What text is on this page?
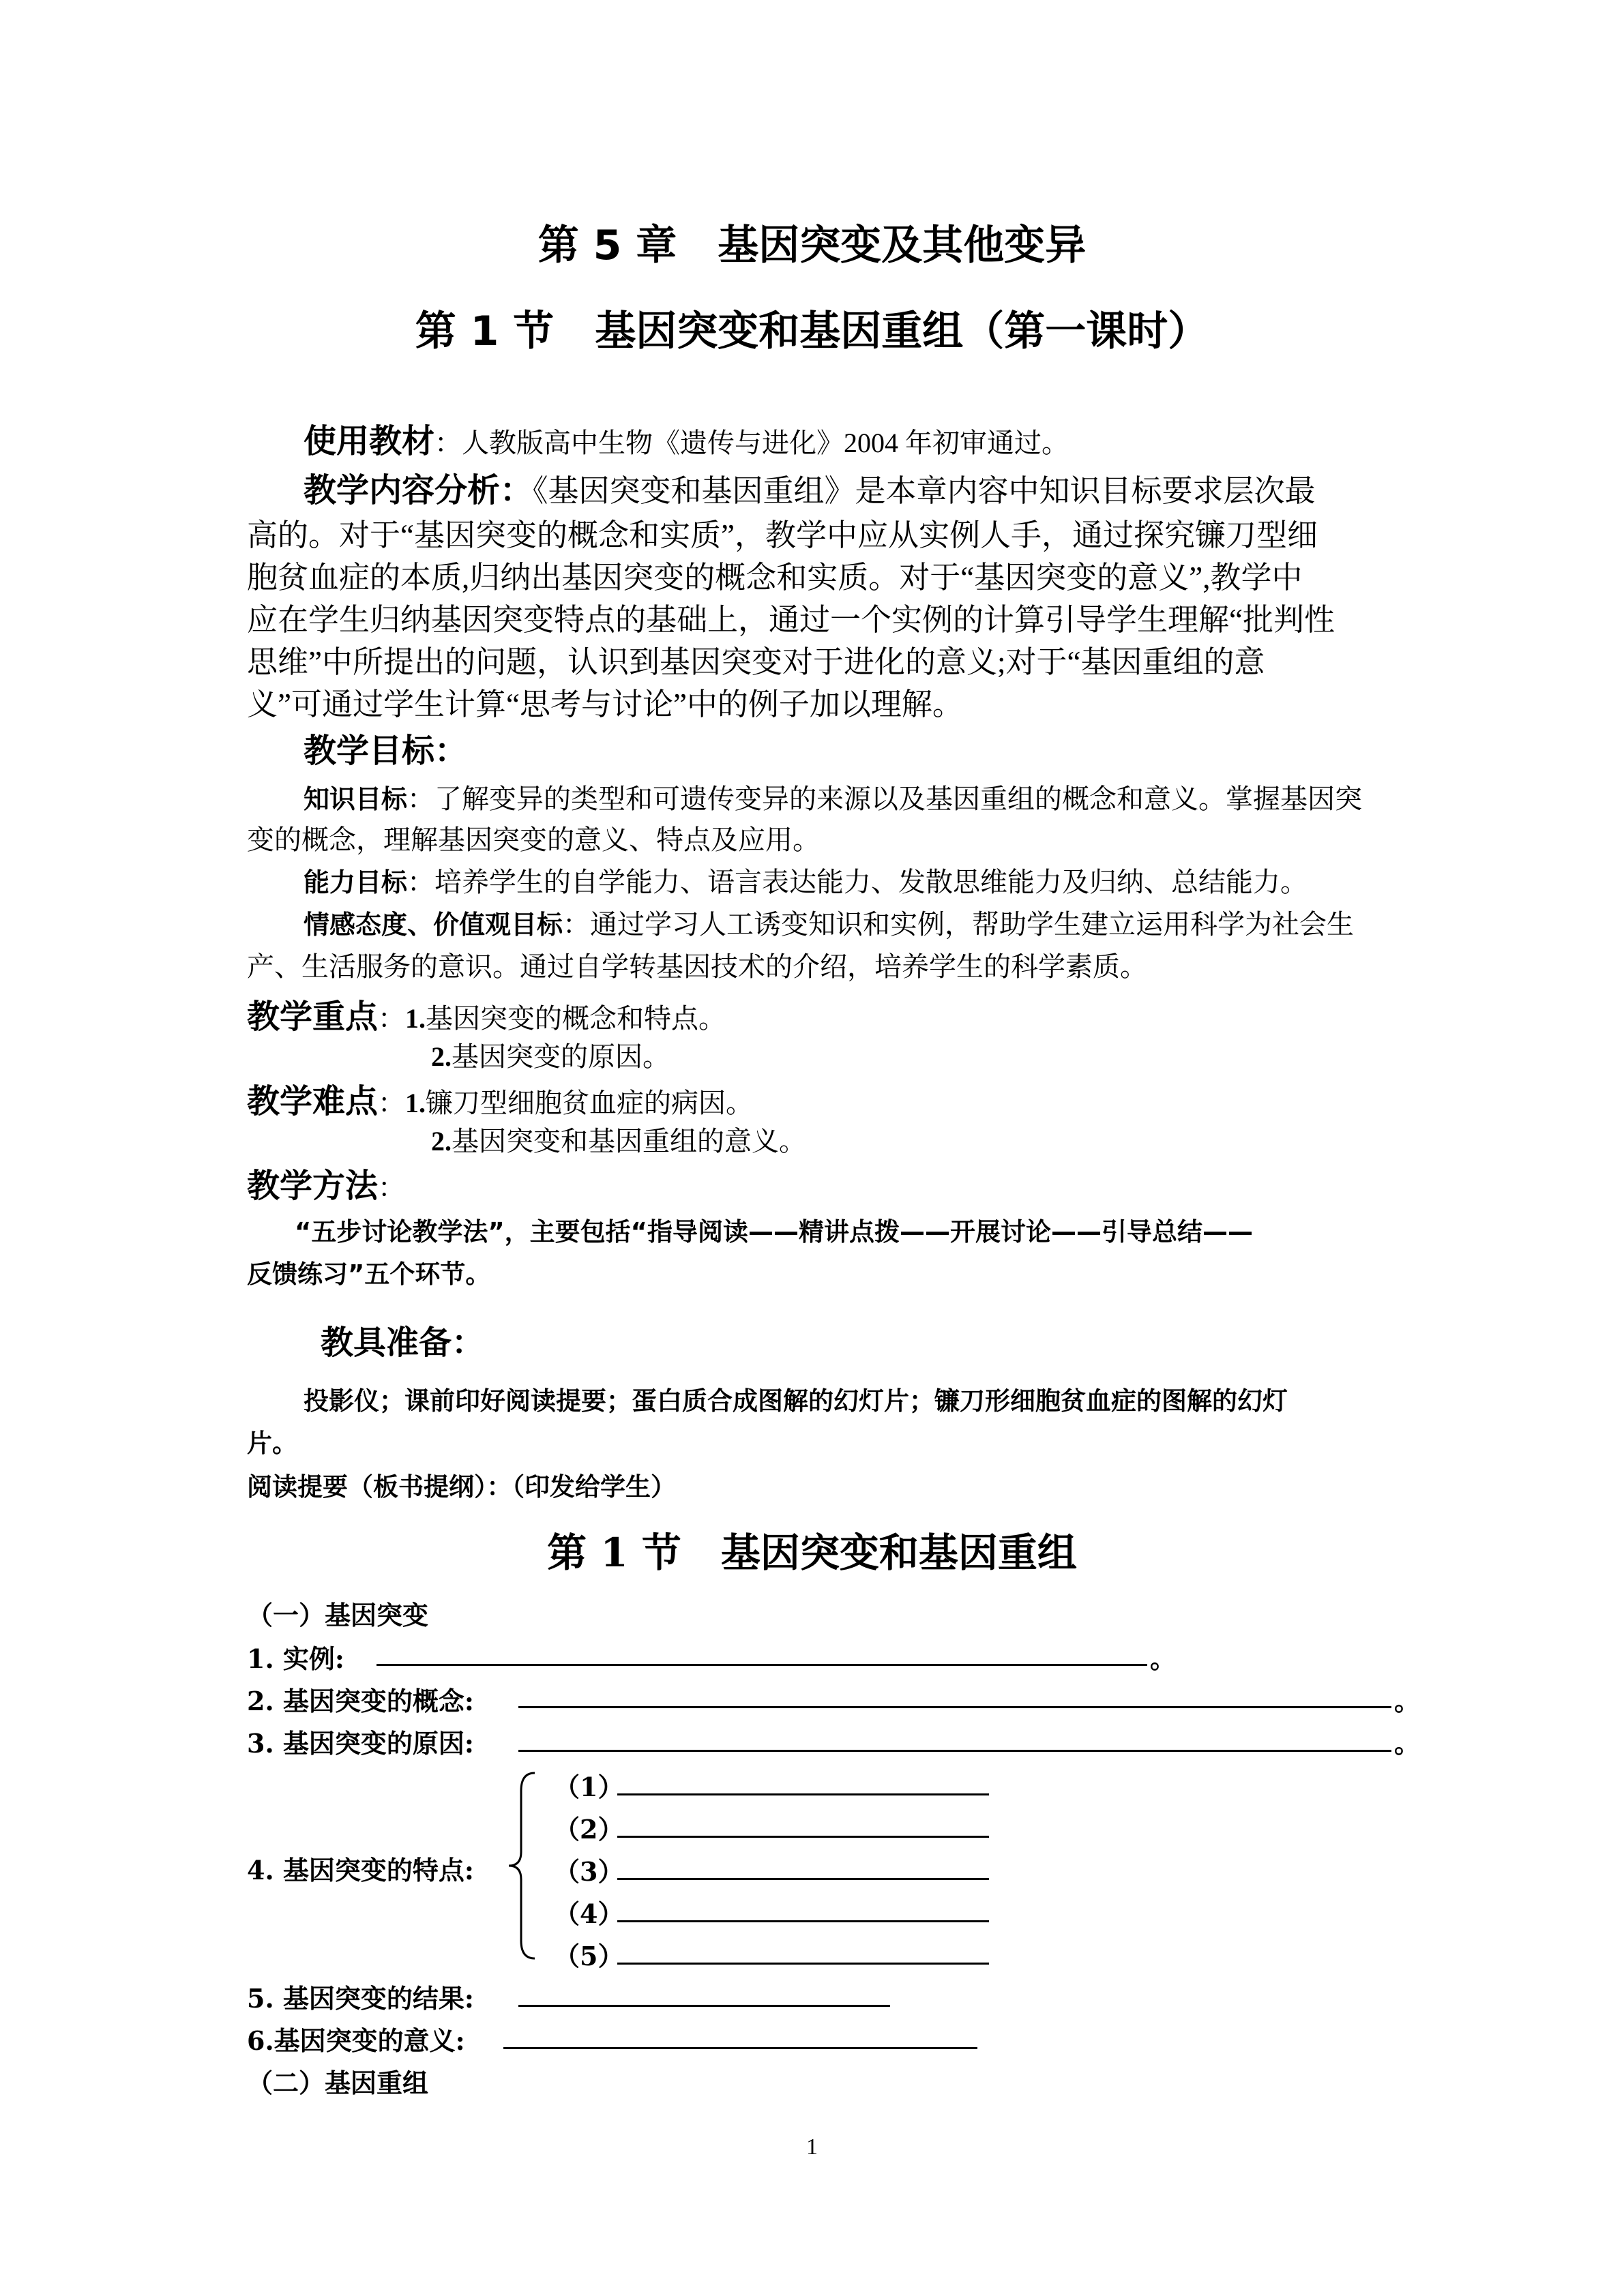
第 5 章　基因突变及其他变异
第 1 节　基因突变和基因重组（第一课时）
使用教材：人教版高中生物《遗传与进化》2004 年初审通过。
教学内容分析：《基因突变和基因重组》是本章内容中知识目标要求层次最
高的。对于“基因突变的概念和实质”，教学中应从实例人手，通过探究镰刀型细
胞贫血症的本质,归纳出基因突变的概念和实质。对于“基因突变的意义”,教学中
应在学生归纳基因突变特点的基础上，通过一个实例的计算引导学生理解“批判性
思维”中所提出的问题，认识到基因突变对于进化的意义;对于“基因重组的意
义”可通过学生计算“思考与讨论”中的例子加以理解。
教学目标：
知识目标：了解变异的类型和可遗传变异的来源以及基因重组的概念和意义。掌握基因突
变的概念，理解基因突变的意义、特点及应用。
能力目标：培养学生的自学能力、语言表达能力、发散思维能力及归纳、总结能力。
情感态度、价值观目标：通过学习人工诱变知识和实例，帮助学生建立运用科学为社会生
产、生活服务的意识。通过自学转基因技术的介绍，培养学生的科学素质。
教学重点：1.基因突变的概念和特点。
2.基因突变的原因。
教学难点：1.镰刀型细胞贫血症的病因。
2.基因突变和基因重组的意义。
教学方法：
“五步讨论教学法”，主要包括“指导阅读——精讲点拨——开展讨论——引导总结——
反馈练习”五个环节。
教具准备：
投影仪；课前印好阅读提要；蛋白质合成图解的幻灯片；镰刀形细胞贫血症的图解的幻灯
片。
阅读提要（板书提纲）：（印发给学生）
第 1 节　基因突变和基因重组
（一）基因突变
1. 实例:	。
2. 基因突变的概念:	。
3. 基因突变的原因:	。
4. 基因突变的特点:
（1）
（2）
（3）
（4）
（5）
5. 基因突变的结果:
6.基因突变的意义:
（二）基因重组
1
